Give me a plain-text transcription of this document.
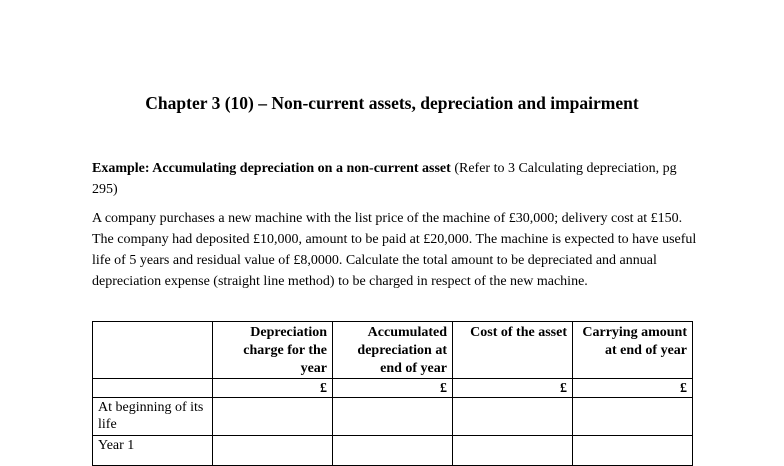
Chapter 3 (10) – Non-current assets, depreciation and impairment
Example: Accumulating depreciation on a non-current asset (Refer to 3 Calculating depreciation, pg 295)
A company purchases a new machine with the list price of the machine of £30,000; delivery cost at £150. The company had deposited £10,000, amount to be paid at £20,000. The machine is expected to have useful life of 5 years and residual value of £8,0000. Calculate the total amount to be depreciated and annual depreciation expense (straight line method) to be charged in respect of the new machine.
	Depreciation charge for the year	Accumulated depreciation at end of year	Cost of the asset	Carrying amount at end of year
	£	£	£	£
At beginning of its life				
Year 1				
